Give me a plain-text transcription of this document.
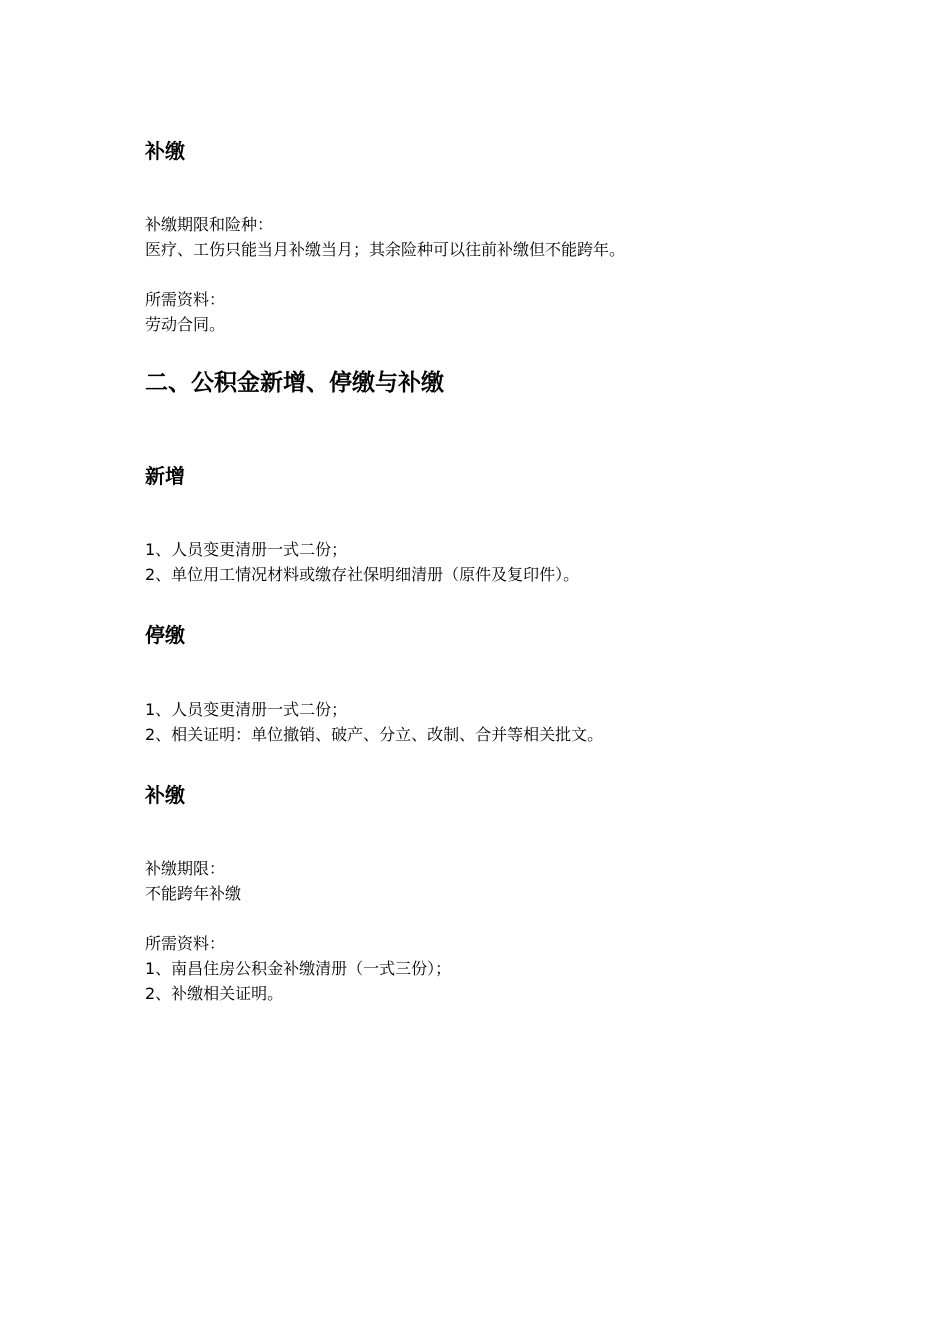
补缴
补缴期限和险种：
医疗、工伤只能当月补缴当月；其余险种可以往前补缴但不能跨年。
所需资料：
劳动合同。
二、公积金新增、停缴与补缴
新增
1、人员变更清册一式二份；
2、单位用工情况材料或缴存社保明细清册（原件及复印件）。
停缴
1、人员变更清册一式二份；
2、相关证明：单位撤销、破产、分立、改制、合并等相关批文。
补缴
补缴期限：
不能跨年补缴
所需资料：
1、南昌住房公积金补缴清册（一式三份）；
2、补缴相关证明。
